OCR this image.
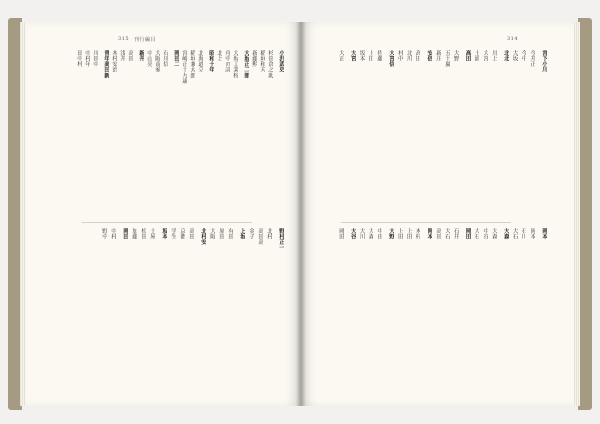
315 刊行編目
小沢武史
杉田倉之助
稲垣和夫
新藤勲
大坂正二郎
大坂工業校
舟中の詩
北上
昭和十年
北海道立
稲垣兼太郎
宮崎正十九歳
岡田二
石川信
大阪南家
中山亮
新井
高田
浅井
木村安治
青年高田新
川田中
中村年
田中村
野村正一
北村
高田高
金子
上坂
有田
原田
大阪
北村安
高田
京都
学生
坂本
土屋
松田
加藤
岡田
中村
野中
314
宮下小川
今井正
今中
大坂
北北
川上
大宮
土浦
高田
大野
五十嵐
新庄
安倍
高田
北川
村中
大宮信
佐藤
上田
坂本
大宮
大正
岡本
岡本
石川
大石
大森
大森
中谷
大石
岡田
石井
大石
高田
岡本
木村
上田
上田
大野
中田
大森
大川
大谷
岡田
